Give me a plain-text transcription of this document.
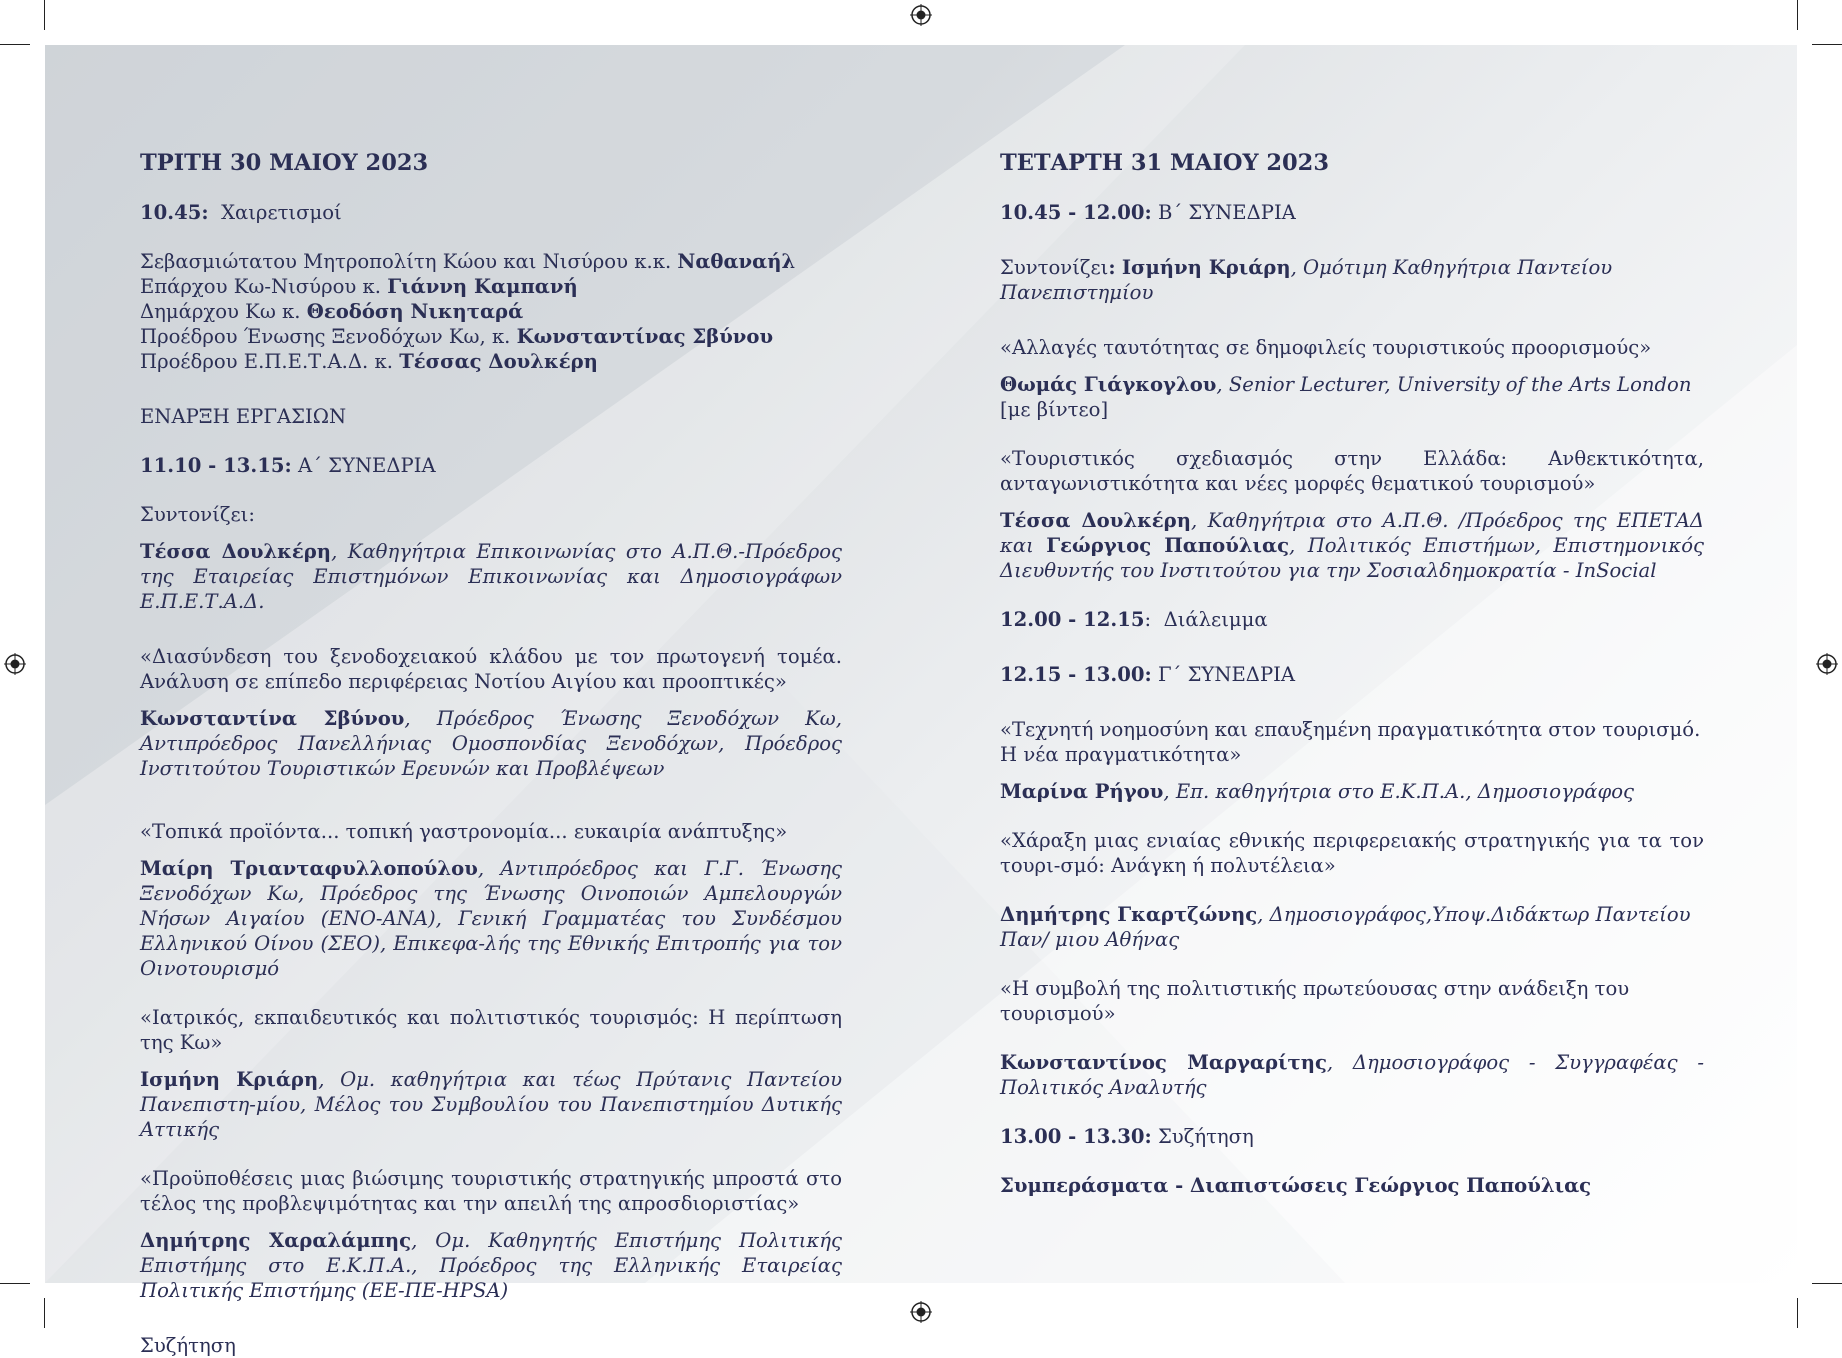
ΤΡΙΤΗ 30 ΜΑΙΟΥ 2023

10.45: Χαιρετισμοί

Σεβασμιώτατου Μητροπολίτη Κώου και Νισύρου κ.κ. Ναθαναήλ

Επάρχου Κω-Νισύρου κ. Γιάννη Καμπανή

Δημάρχου Κω κ. Θεοδόση Νικηταρά

Προέδρου Ένωσης Ξενοδόχων Κω, κ. Κωνσταντίνας Σβύνου

Προέδρου Ε.Π.Ε.Τ.Α.Δ. κ. Τέσσας Δουλκέρη

ΕΝΑΡΞΗ ΕΡΓΑΣΙΩΝ

11.10 - 13.15: Α΄ ΣΥΝΕΔΡΙΑ

Συντονίζει:

Τέσσα Δουλκέρη, Καθηγήτρια Επικοινωνίας στο Α.Π.Θ.-Πρόεδρος της Εταιρείας Επιστημόνων Επικοινωνίας και Δημοσιογράφων Ε.Π.Ε.Τ.Α.Δ.

«Διασύνδεση του ξενοδοχειακού κλάδου με τον πρωτογενή τομέα. Ανάλυση σε επίπεδο περιφέρειας Νοτίου Αιγίου και προοπτικές»

Κωνσταντίνα Σβύνου, Πρόεδρος Ένωσης Ξενοδόχων Κω, Αντιπρόεδρος Πανελλήνιας Ομοσπονδίας Ξενοδόχων, Πρόεδρος Ινστιτούτου Τουριστικών Ερευνών και Προβλέψεων

«Τοπικά προϊόντα... τοπική γαστρονομία... ευκαιρία ανάπτυξης»

Μαίρη Τριανταφυλλοπούλου, Αντιπρόεδρος και Γ.Γ. Ένωσης Ξενοδόχων Κω, Πρόεδρος της Ένωσης Οινοποιών Αμπελουργών Νήσων Αιγαίου (ΕΝΟ-ΑΝΑ), Γενική Γραμματέας του Συνδέσμου Ελληνικού Οίνου (ΣΕΟ), Επικεφα-λής της Εθνικής Επιτροπής για τον Οινοτουρισμό

«Ιατρικός, εκπαιδευτικός και πολιτιστικός τουρισμός: Η περίπτωση της Κω»

Ισμήνη Κριάρη, Ομ. καθηγήτρια και τέως Πρύτανις Παντείου Πανεπιστη-μίου, Μέλος του Συμβουλίου του Πανεπιστημίου Δυτικής Αττικής

«Προϋποθέσεις μιας βιώσιμης τουριστικής στρατηγικής μπροστά στο τέλος της προβλεψιμότητας και την απειλή της απροσδιοριστίας»

Δημήτρης Χαραλάμπης, Ομ. Καθηγητής Επιστήμης Πολιτικής Επιστήμης στο Ε.Κ.Π.Α., Πρόεδρος της Ελληνικής Εταιρείας Πολιτικής Επιστήμης (ΕΕ-ΠΕ-HPSA)

Συζήτηση

ΤΕΤΑΡΤΗ 31 ΜΑΙΟΥ 2023

10.45 - 12.00: Β΄ ΣΥΝΕΔΡΙΑ

Συντονίζει: Ισμήνη Κριάρη, Ομότιμη Καθηγήτρια Παντείου Πανεπιστημίου

«Αλλαγές ταυτότητας σε δημοφιλείς τουριστικούς προορισμούς»

Θωμάς Γιάγκογλου, Senior Lecturer, University of the Arts London

[με βίντεο]

«Τουριστικός σχεδιασμός στην Ελλάδα: Ανθεκτικότητα, ανταγωνιστικότητα και νέες μορφές θεματικού τουρισμού»

Τέσσα Δουλκέρη, Καθηγήτρια στο Α.Π.Θ. /Πρόεδρος της ΕΠΕΤΑΔ και Γεώργιος Παπούλιας, Πολιτικός Επιστήμων, Επιστημονικός Διευθυντής του Ινστιτούτου για την Σοσιαλδημοκρατία - InSocial

12.00 - 12.15: Διάλειμμα

12.15 - 13.00: Γ΄ ΣΥΝΕΔΡΙΑ

«Τεχνητή νοημοσύνη και επαυξημένη πραγματικότητα στον τουρισμό. Η νέα πραγματικότητα»

Μαρίνα Ρήγου, Επ. καθηγήτρια στο Ε.Κ.Π.Α., Δημοσιογράφος

«Χάραξη μιας ενιαίας εθνικής περιφερειακής στρατηγικής για τα τον τουρι-σμό: Ανάγκη ή πολυτέλεια»

Δημήτρης Γκαρτζώνης, Δημοσιογράφος,Υποψ.Διδάκτωρ Παντείου Παν/ μιου Αθήνας

«Η συμβολή της πολιτιστικής πρωτεύουσας στην ανάδειξη του τουρισμού»

Κωνσταντίνος Μαργαρίτης, Δημοσιογράφος - Συγγραφέας - Πολιτικός Αναλυτής

13.00 - 13.30: Συζήτηση

Συμπεράσματα - Διαπιστώσεις Γεώργιος Παπούλιας
